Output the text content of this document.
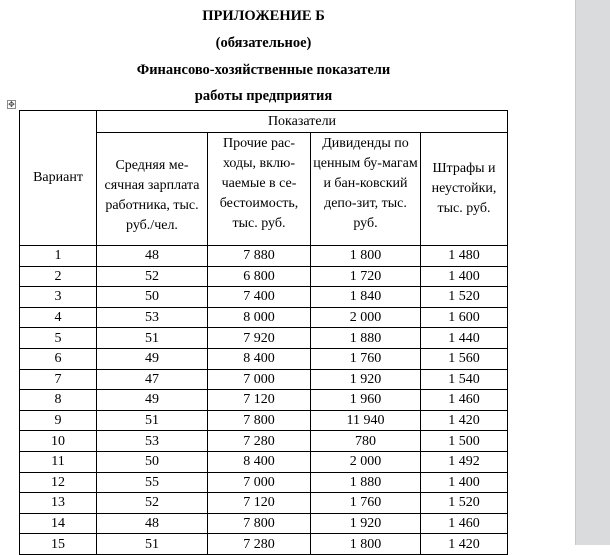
ПРИЛОЖЕНИЕ Б
(обязательное)
Финансово-хозяйственные показатели
работы предприятия
✥
Вариант	Показатели			
	Средняя ме-сячная зарплата работника, тыс. руб./чел.	Прочие рас-ходы, вклю-чаемые в се-бестоимость, тыс. руб.	Дивиденды по ценным бу-магам и бан-ковский депо-зит, тыс. руб.	Штрафы и неустойки, тыс. руб.
1	48	7 880	1 800	1 480
2	52	6 800	1 720	1 400
3	50	7 400	1 840	1 520
4	53	8 000	2 000	1 600
5	51	7 920	1 880	1 440
6	49	8 400	1 760	1 560
7	47	7 000	1 920	1 540
8	49	7 120	1 960	1 460
9	51	7 800	11 940	1 420
10	53	7 280	780	1 500
11	50	8 400	2 000	1 492
12	55	7 000	1 880	1 400
13	52	7 120	1 760	1 520
14	48	7 800	1 920	1 460
15	51	7 280	1 800	1 420
